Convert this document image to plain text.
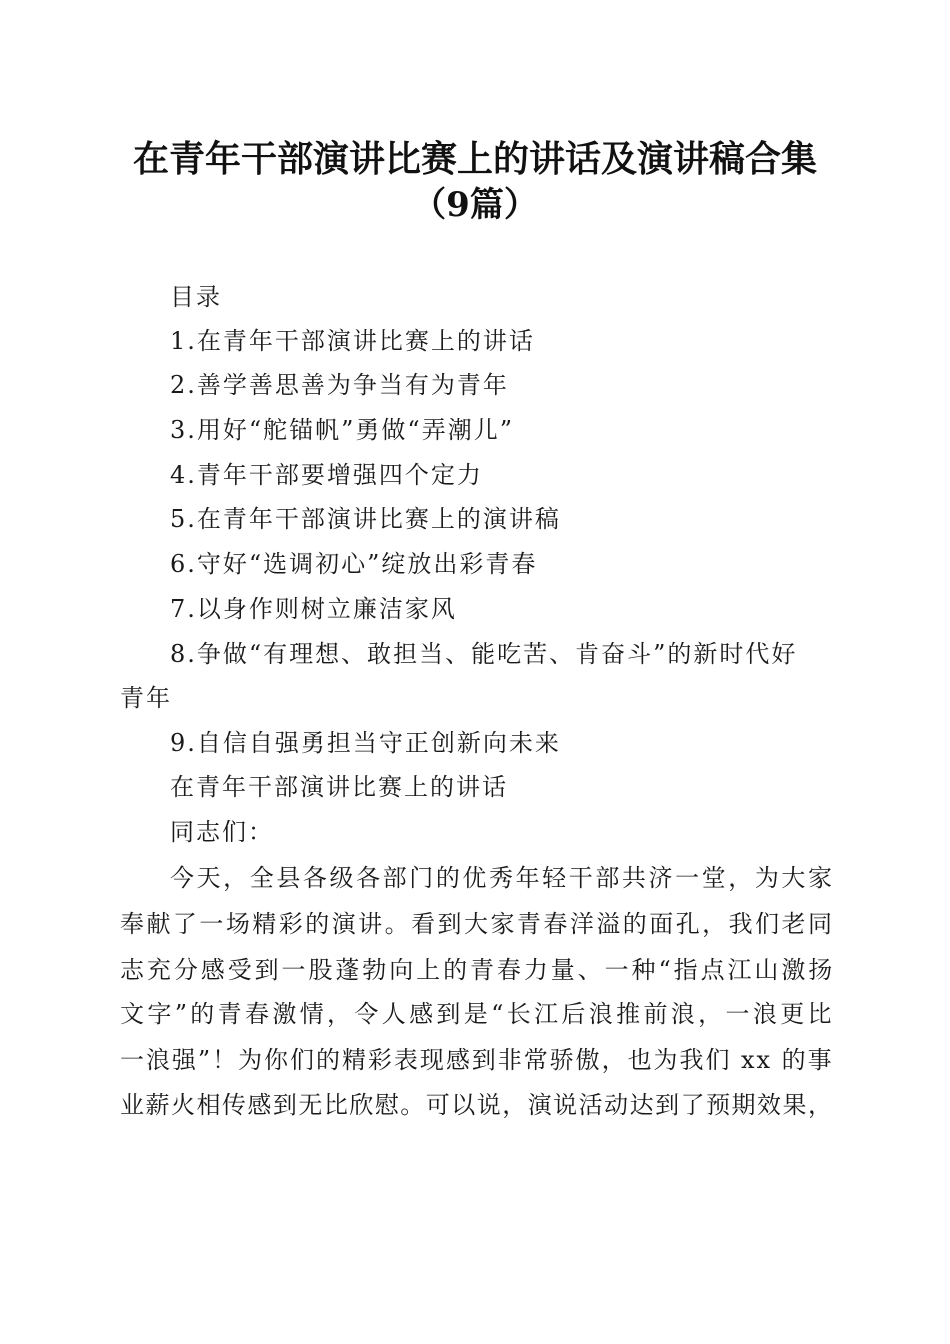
在青年干部演讲比赛上的讲话及演讲稿合集
（9篇）
目录
1.在青年干部演讲比赛上的讲话
2.善学善思善为争当有为青年
3.用好“舵锚帆”勇做“弄潮儿”
4.青年干部要增强四个定力
5.在青年干部演讲比赛上的演讲稿
6.守好“选调初心”绽放出彩青春
7.以身作则树立廉洁家风
8.争做“有理想、敢担当、能吃苦、肯奋斗”的新时代好
青年
9.自信自强勇担当守正创新向未来
在青年干部演讲比赛上的讲话
同志们：
今天，全县各级各部门的优秀年轻干部共济一堂，为大家
奉献了一场精彩的演讲。看到大家青春洋溢的面孔，我们老同
志充分感受到一股蓬勃向上的青春力量、一种“指点江山激扬
文字”的青春激情，令人感到是“长江后浪推前浪，一浪更比
一浪强”！为你们的精彩表现感到非常骄傲，也为我们 xx 的事
业薪火相传感到无比欣慰。可以说，演说活动达到了预期效果，
